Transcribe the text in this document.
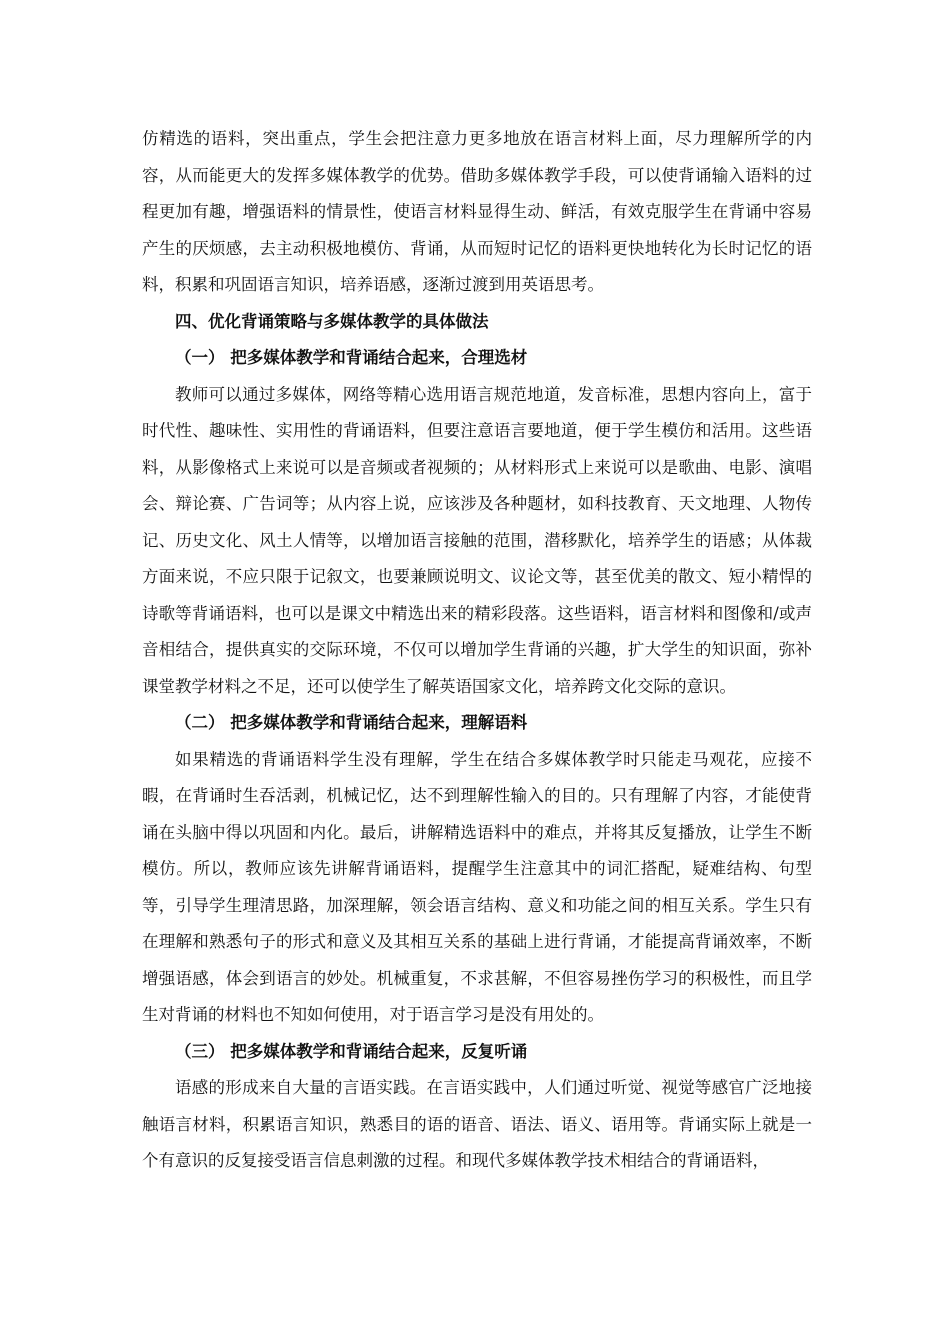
仿精选的语料，突出重点，学生会把注意力更多地放在语言材料上面，尽力理解所学的内容，从而能更大的发挥多媒体教学的优势。借助多媒体教学手段，可以使背诵输入语料的过程更加有趣，增强语料的情景性，使语言材料显得生动、鲜活，有效克服学生在背诵中容易产生的厌烦感，去主动积极地模仿、背诵，从而短时记忆的语料更快地转化为长时记忆的语料，积累和巩固语言知识，培养语感，逐渐过渡到用英语思考。

四、优化背诵策略与多媒体教学的具体做法

（一） 把多媒体教学和背诵结合起来，合理选材

教师可以通过多媒体，网络等精心选用语言规范地道，发音标准，思想内容向上，富于时代性、趣味性、实用性的背诵语料，但要注意语言要地道，便于学生模仿和活用。这些语料，从影像格式上来说可以是音频或者视频的；从材料形式上来说可以是歌曲、电影、演唱会、辩论赛、广告词等；从内容上说，应该涉及各种题材，如科技教育、天文地理、人物传记、历史文化、风土人情等，以增加语言接触的范围，潜移默化，培养学生的语感；从体裁方面来说，不应只限于记叙文，也要兼顾说明文、议论文等，甚至优美的散文、短小精悍的诗歌等背诵语料，也可以是课文中精选出来的精彩段落。这些语料，语言材料和图像和/或声音相结合，提供真实的交际环境，不仅可以增加学生背诵的兴趣，扩大学生的知识面，弥补课堂教学材料之不足，还可以使学生了解英语国家文化，培养跨文化交际的意识。

（二） 把多媒体教学和背诵结合起来，理解语料

如果精选的背诵语料学生没有理解，学生在结合多媒体教学时只能走马观花，应接不暇，在背诵时生吞活剥，机械记忆，达不到理解性输入的目的。只有理解了内容，才能使背诵在头脑中得以巩固和内化。最后，讲解精选语料中的难点，并将其反复播放，让学生不断模仿。所以，教师应该先讲解背诵语料，提醒学生注意其中的词汇搭配，疑难结构、句型等，引导学生理清思路，加深理解，领会语言结构、意义和功能之间的相互关系。学生只有在理解和熟悉句子的形式和意义及其相互关系的基础上进行背诵，才能提高背诵效率，不断增强语感，体会到语言的妙处。机械重复，不求甚解，不但容易挫伤学习的积极性，而且学生对背诵的材料也不知如何使用，对于语言学习是没有用处的。

（三） 把多媒体教学和背诵结合起来，反复听诵

语感的形成来自大量的言语实践。在言语实践中，人们通过听觉、视觉等感官广泛地接触语言材料，积累语言知识，熟悉目的语的语音、语法、语义、语用等。背诵实际上就是一个有意识的反复接受语言信息刺激的过程。和现代多媒体教学技术相结合的背诵语料，
